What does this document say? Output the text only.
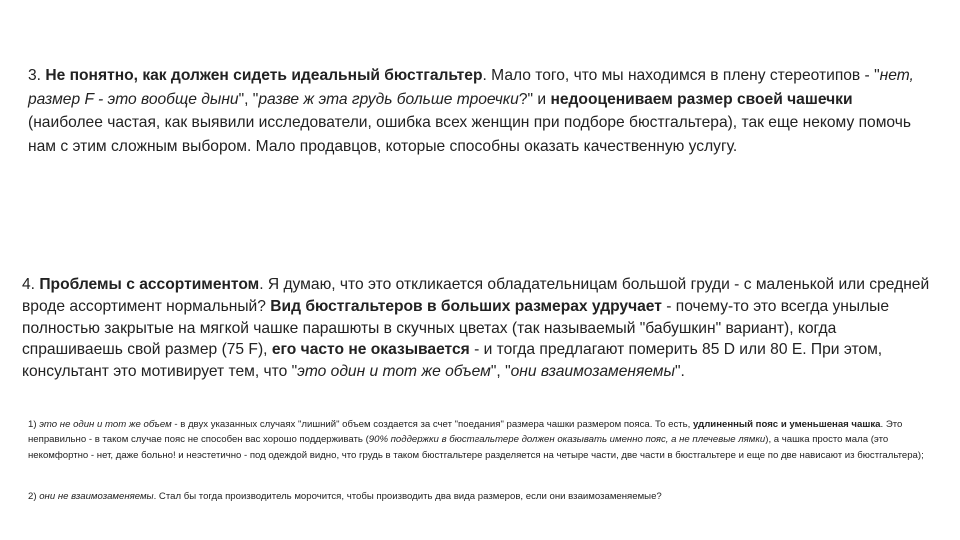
3. Не понятно, как должен сидеть идеальный бюстгальтер. Мало того, что мы находимся в плену стереотипов - "нет, размер F - это вообще дыни", "разве ж эта грудь больше троечки?" и недооцениваем размер своей чашечки (наиболее частая, как выявили исследователи, ошибка всех женщин при подборе бюстгальтера), так еще некому помочь нам с этим сложным выбором. Мало продавцов, которые способны оказать качественную услугу.
4. Проблемы с ассортиментом. Я думаю, что это откликается обладательницам большой груди - с маленькой или средней вроде ассортимент нормальный? Вид бюстгальтеров в больших размерах удручает - почему-то это всегда унылые полностью закрытые на мягкой чашке парашюты в скучных цветах (так называемый "бабушкин" вариант), когда спрашиваешь свой размер (75 F), его часто не оказывается - и тогда предлагают померить 85 D или 80 Е. При этом, консультант это мотивирует тем, что "это один и тот же объем", "они взаимозаменяемы".
1) это не один и тот же объем - в двух указанных случаях "лишний" объем создается за счет "поедания" размера чашки размером пояса. То есть, удлиненный пояс и уменьшеная чашка. Это неправильно - в таком случае пояс не способен вас хорошо поддерживать (90% поддержки в бюстгальтере должен оказывать именно пояс, а не плечевые лямки), а чашка просто мала (это некомфортно - нет, даже больно! и неэстетично - под одеждой видно, что грудь в таком бюстгальтере разделяется на четыре части, две части в бюстгальтере и еще по две нависают из бюстгальтера);
2) они не взаимозаменяемы. Стал бы тогда производитель морочится, чтобы производить два вида размеров, если они взаимозаменяемые?
